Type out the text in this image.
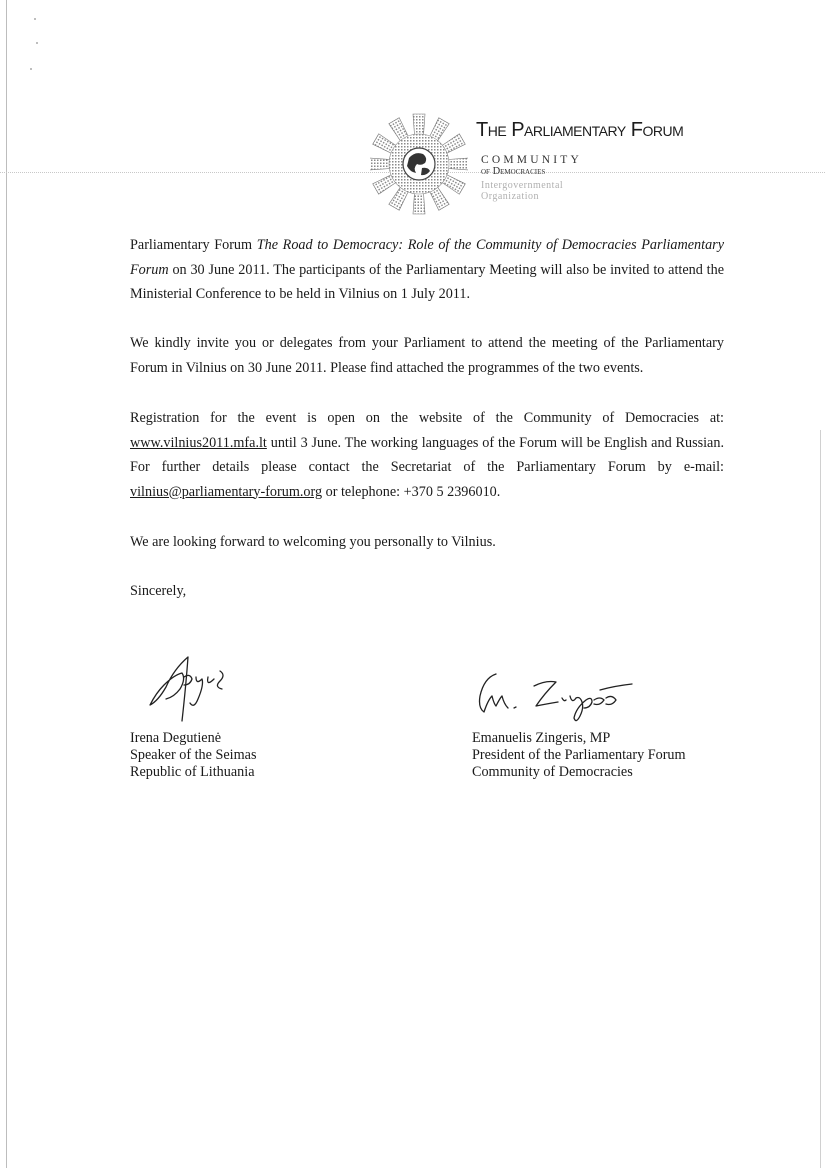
The Parliamentary Forum
COMMUNITY
of Democracies
Intergovernmental
Organization

Parliamentary Forum The Road to Democracy: Role of the Community of Democracies Parliamentary Forum on 30 June 2011. The participants of the Parliamentary Meeting will also be invited to attend the Ministerial Conference to be held in Vilnius on 1 July 2011.

We kindly invite you or delegates from your Parliament to attend the meeting of the Parliamentary Forum in Vilnius on 30 June 2011. Please find attached the programmes of the two events.

Registration for the event is open on the website of the Community of Democracies at: www.vilnius2011.mfa.lt until 3 June. The working languages of the Forum will be English and Russian. For further details please contact the Secretariat of the Parliamentary Forum by e-mail: vilnius@parliamentary-forum.org or telephone: +370 5 2396010.

We are looking forward to welcoming you personally to Vilnius.

Sincerely,

Irena Degutienė
Speaker of the Seimas
Republic of Lithuania
Emanuelis Zingeris, MP
President of the Parliamentary Forum
Community of Democracies
